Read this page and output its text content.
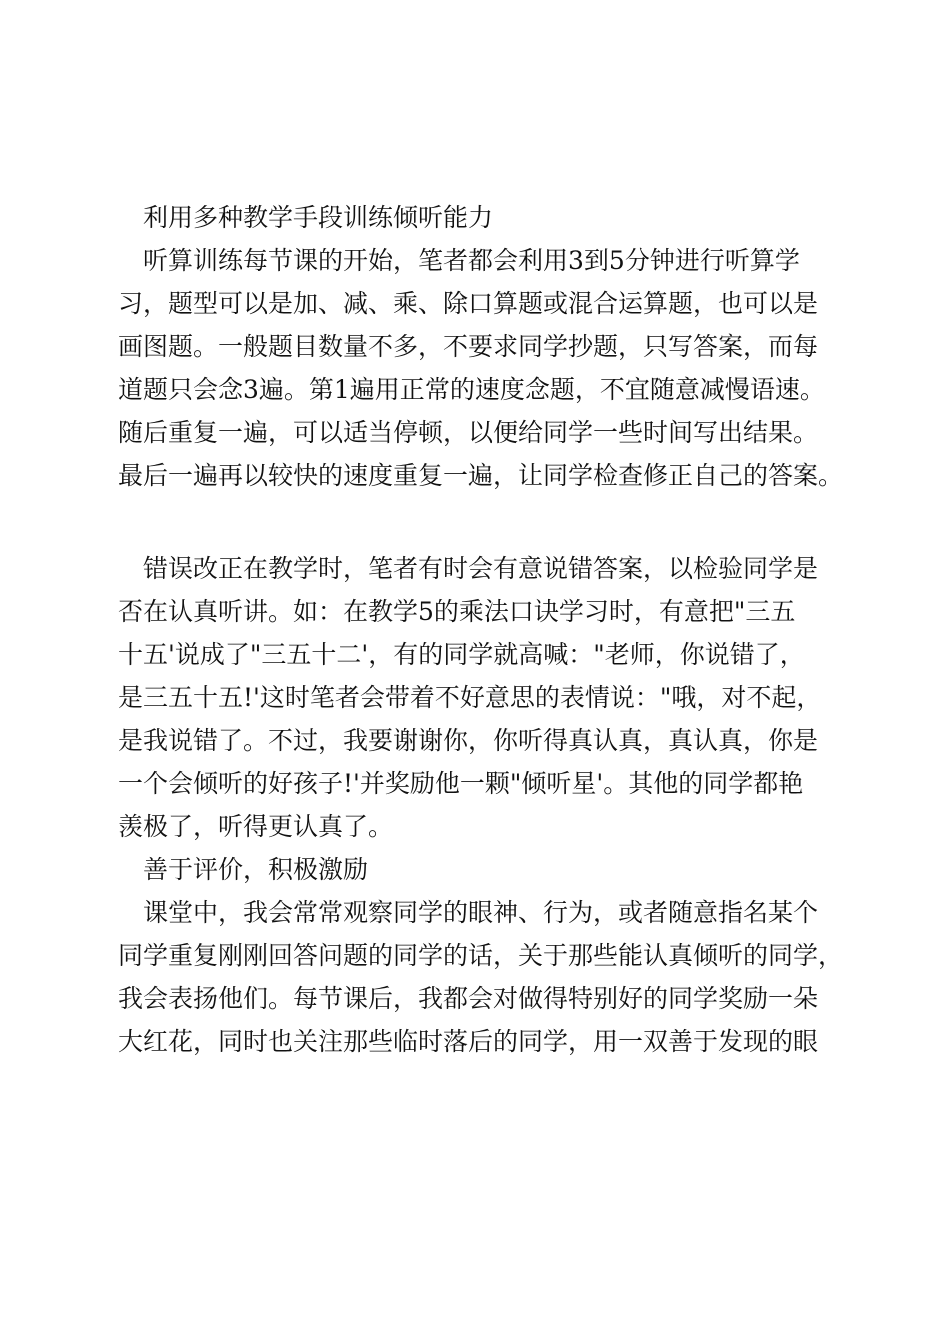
利用多种教学手段训练倾听能力
听算训练每节课的开始，笔者都会利用3到5分钟进行听算学
习，题型可以是加、减、乘、除口算题或混合运算题，也可以是
画图题。一般题目数量不多，不要求同学抄题，只写答案，而每
道题只会念3遍。第1遍用正常的速度念题，不宜随意减慢语速。
随后重复一遍，可以适当停顿，以便给同学一些时间写出结果。
最后一遍再以较快的速度重复一遍，让同学检查修正自己的答案。
错误改正在教学时，笔者有时会有意说错答案，以检验同学是
否在认真听讲。如：在教学5的乘法口诀学习时，有意把"三五
十五'说成了"三五十二'，有的同学就高喊："老师，你说错了，
是三五十五!'这时笔者会带着不好意思的表情说："哦，对不起，
是我说错了。不过，我要谢谢你，你听得真认真，真认真，你是
一个会倾听的好孩子!'并奖励他一颗"倾听星'。其他的同学都艳
羡极了，听得更认真了。
善于评价，积极激励
课堂中，我会常常观察同学的眼神、行为，或者随意指名某个
同学重复刚刚回答问题的同学的话，关于那些能认真倾听的同学，
我会表扬他们。每节课后，我都会对做得特别好的同学奖励一朵
大红花，同时也关注那些临时落后的同学，用一双善于发现的眼
